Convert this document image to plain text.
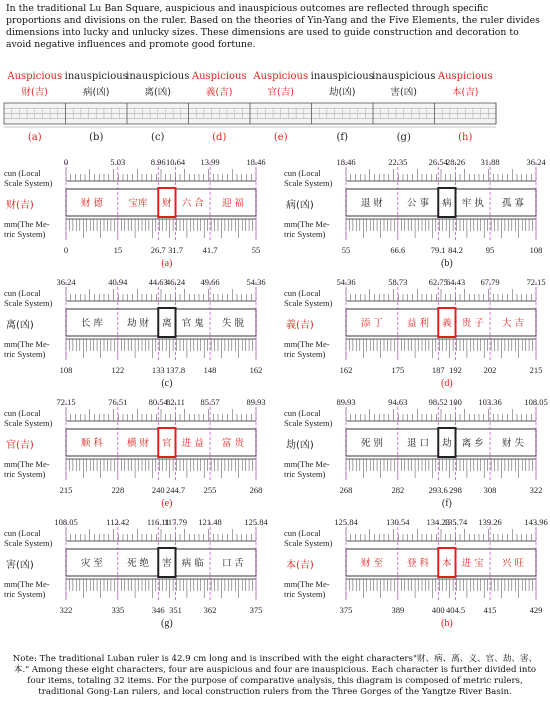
In the traditional Lu Ban Square, auspicious and inauspicious outcomes are reflected through specific proportions and divisions on the ruler. Based on the theories of Yin-Yang and the Five Elements, the ruler divides dimensions into lucky and unlucky sizes. These dimensions are used to guide construction and decoration to avoid negative influences and promote good fortune.
Auspicious
财(吉)
(a)
inauspicious
病(凶)
(b)
inauspicious
离(凶)
(c)
Auspicious
義(吉)
(d)
Auspicious
官(吉)
(e)
inauspicious
劫(凶)
(f)
inauspicious
害(凶)
(g)
Auspicious
本(吉)
(h)
财 德	宝库 财 六 合 迎 福
0	5.03	8.96 10.64 13.99	18.46
0	15	26.7 31.7 41.7	55
cun (Local
Scale System)
财(吉)
mm(The Me-
tric System)
(a)
退 财	公 事 病 牢 执 孤 寡
18.46	22.35	26.54
28.26 31.88	36.24
55	66.6	79.1 84.2	95	108
cun (Local
Scale System)
病(凶)
mm(The Me-
tric System)
(b)
长 库	劫 财 离 官 鬼 失 脱
36.24	40.94	44.63
46.24 49.66	54.36
108	122	133 137.8 148	162
cun (Local
Scale System)
离(凶)
mm(The Me-
tric System)
(c)
添 丁	益 利 義 贵 子 大 吉
54.36	58.73	62.75
64.43 67.79	72.15
162	175	187 192	202	215
cun (Local
Scale System)
義(吉)
mm(The Me-
tric System)
(d)
顺 科	横 财 官 进 益 富 贵
72.15	76.51	80.54
82.11 85.57	89.93
215	228	240 244.7 255	268
cun (Local
Scale System)
官(吉)
mm(The Me-
tric System)
(e)
死 别	退 口 劫 离 乡 财 失
89.93	94.63	98.52 100 103.36	108.05
268	282	293.6 298	308	322
cun (Local
Scale System)
劫(凶)
mm(The Me-
tric System)
(f)
灾 至	死 绝 害 病 临 口 舌
108.05	112.42 116.11
117.79 121.48	125.84
322	335	346 351	362	375
cun (Local
Scale System)
害(凶)
mm(The Me-
tric System)
(g)
财 至	登 科 本 进 宝 兴 旺
125.84	130.54 134.23
135.74 139.26	143.96
375	389	400 404.5 415	429
cun (Local
Scale System)
本(吉)
mm(The Me-
tric System)
(h)
Note: The traditional Luban ruler is 42.9 cm long and is inscribed with the eight characters"财、病、离、义、官、劫、害、本." Among these eight characters, four are auspicious and four are inauspicious. Each character is further divided into four items, totaling 32 items. For the purpose of comparative analysis, this diagram is composed of metric rulers, traditional Gong-Lan rulers, and local construction rulers from the Three Gorges of the Yangtze River Basin.
